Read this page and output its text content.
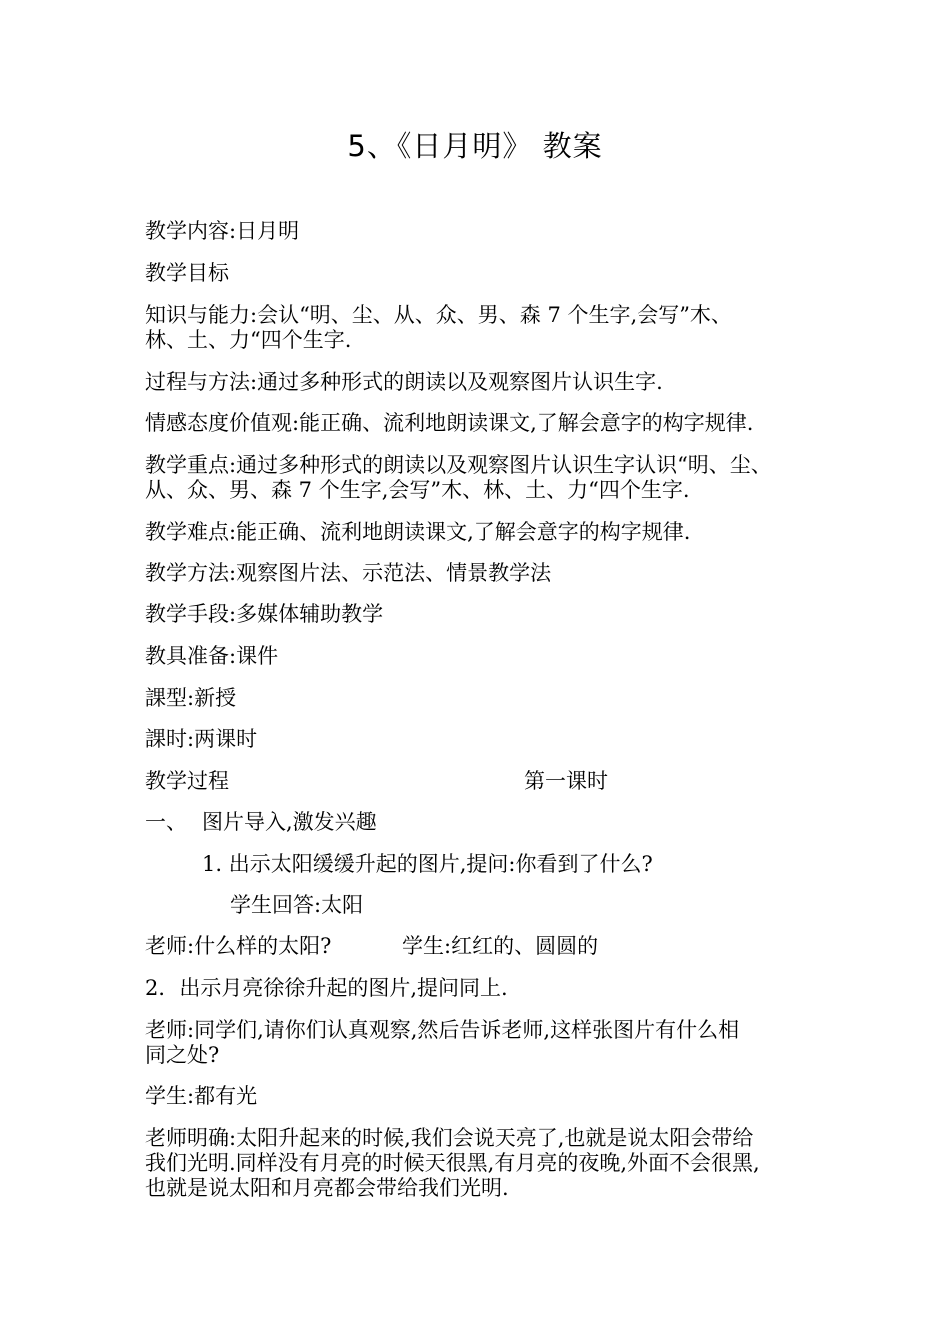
5、《日月明》 教案

教学内容:日月明

教学目标

知识与能力:会认“明、尘、从、众、男、森 7 个生字,会写”木、

林、土、力“四个生字.

过程与方法:通过多种形式的朗读以及观察图片认识生字.

情感态度价值观:能正确、流利地朗读课文,了解会意字的构字规律.

教学重点:通过多种形式的朗读以及观察图片认识生字认识“明、尘、

从、众、男、森 7 个生字,会写”木、林、土、力“四个生字.

教学难点:能正确、流利地朗读课文,了解会意字的构字规律.

教学方法:观察图片法、示范法、情景教学法

教学手段:多媒体辅助教学

教具准备:课件

課型:新授

課时:两课时

教学过程	第一课时

一、 图片导入,激发兴趣

1. 出示太阳缓缓升起的图片,提问:你看到了什么?

学生回答:太阳

老师:什么样的太阳?	学生:红红的、圆圆的

2．出示月亮徐徐升起的图片,提问同上.

老师:同学们,请你们认真观察,然后告诉老师,这样张图片有什么相

同之处?

学生:都有光

老师明确:太阳升起来的时候,我们会说天亮了,也就是说太阳会带给

我们光明.同样没有月亮的时候天很黑,有月亮的夜晚,外面不会很黑,

也就是说太阳和月亮都会带给我们光明.
